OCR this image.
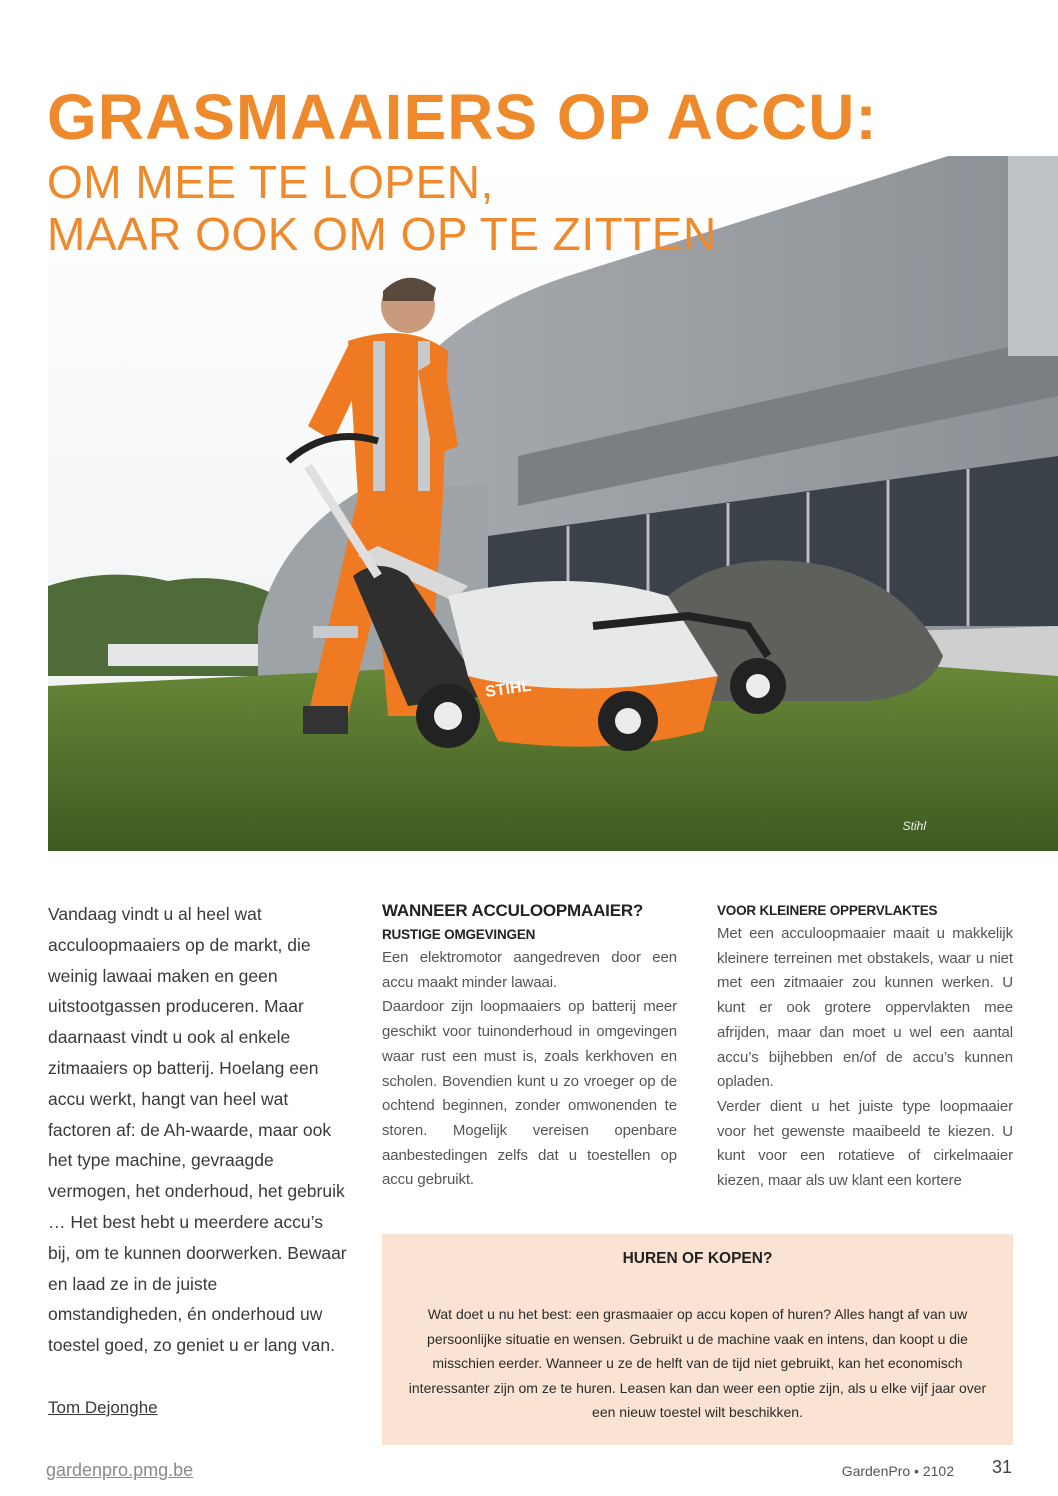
STIHL
Stihl
GRASMAAIERS OP ACCU:
OM MEE TE LOPEN,
MAAR OOK OM OP TE ZITTEN

Vandaag vindt u al heel wat acculoopmaaiers op de markt, die weinig lawaai maken en geen uitstootgassen produceren. Maar daarnaast vindt u ook al enkele zitmaaiers op batterij. Hoelang een accu werkt, hangt van heel wat factoren af: de Ah-waarde, maar ook het type machine, gevraagde vermogen, het onderhoud, het gebruik … Het best hebt u meerdere accu’s bij, om te kunnen doorwerken. Bewaar en laad ze in de juiste omstandigheden, én onderhoud uw toestel goed, zo geniet u er lang van.

Tom Dejonghe
WANNEER ACCULOOPMAAIER?
RUSTIGE OMGEVINGEN

Een elektromotor aangedreven door een accu maakt minder lawaai.

Daardoor zijn loopmaaiers op batterij meer geschikt voor tuinonderhoud in omgevingen waar rust een must is, zoals kerkhoven en scholen. Bovendien kunt u zo vroeger op de ochtend beginnen, zonder omwonenden te storen. Mogelijk vereisen openbare aanbestedingen zelfs dat u toestellen op accu gebruikt.

VOOR KLEINERE OPPERVLAKTES

Met een acculoopmaaier maait u makkelijk kleinere terreinen met obstakels, waar u niet met een zitmaaier zou kunnen werken. U kunt er ook grotere oppervlakten mee afrijden, maar dan moet u wel een aantal accu’s bijhebben en/of de accu’s kunnen opladen.

Verder dient u het juiste type loopmaaier voor het gewenste maaibeeld te kiezen. U kunt voor een rotatieve of cirkelmaaier kiezen, maar als uw klant een kortere

HUREN OF KOPEN?

Wat doet u nu het best: een grasmaaier op accu kopen of huren? Alles hangt af van uw persoonlijke situatie en wensen. Gebruikt u de machine vaak en intens, dan koopt u die misschien eerder. Wanneer u ze de helft van de tijd niet gebruikt, kan het economisch interessanter zijn om ze te huren. Leasen kan dan weer een optie zijn, als u elke vijf jaar over een nieuw toestel wilt beschikken.

gardenpro.pmg.be	GardenPro • 2102 31
